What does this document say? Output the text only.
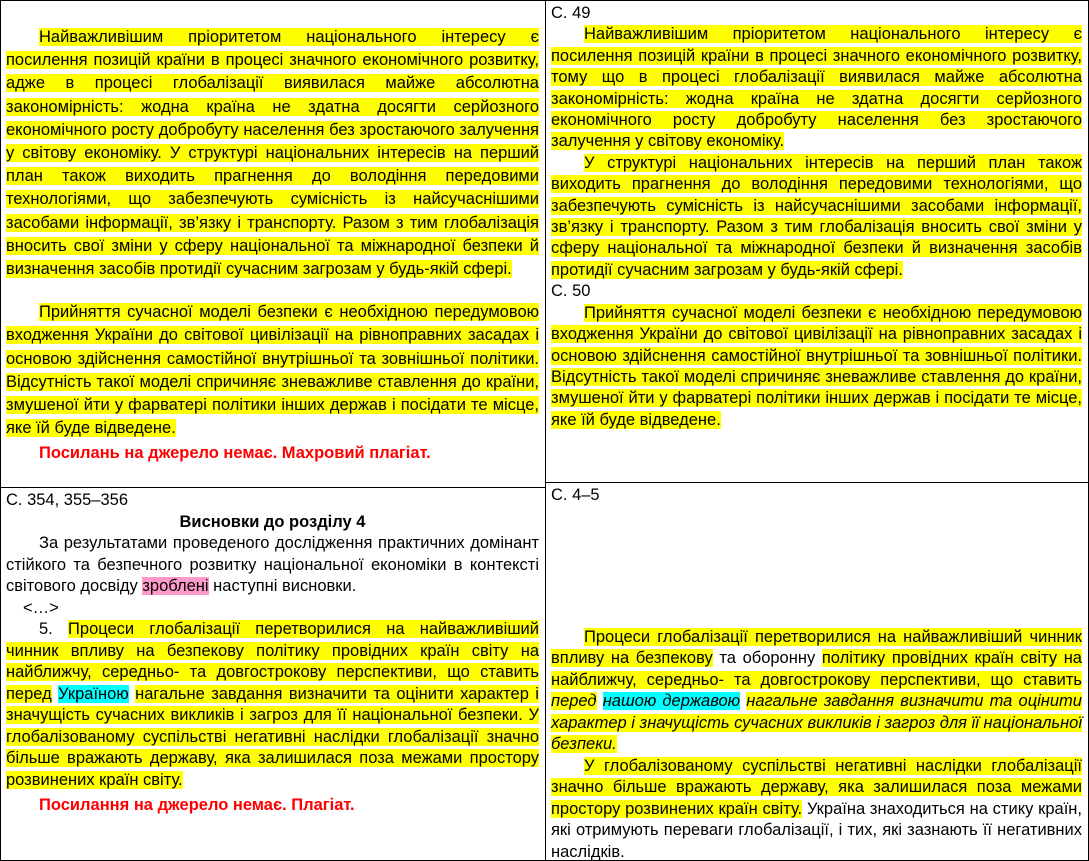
Найважливішим пріоритетом національного інтересу є посилення позицій країни в процесі значного економічного розвитку, адже в процесі глобалізації виявилася майже абсолютна закономірність: жодна країна не здатна досягти серйозного економічного росту добробуту населення без зростаючого залучення у світову економіку. У структурі національних інтересів на перший план також виходить прагнення до володіння передовими технологіями, що забезпечують сумісність із найсучаснішими засобами інформації, зв’язку і транспорту. Разом з тим глобалізація вносить свої зміни у сферу національної та міжнародної безпеки й визначення засобів протидії сучасним загрозам у будь-якій сфері.
Прийняття сучасної моделі безпеки є необхідною передумовою входження України до світової цивілізації на рівноправних засадах і основою здійснення самостійної внутрішньої та зовнішньої політики. Відсутність такої моделі спричиняє зневажливе ставлення до країни, змушеної йти у фарватері політики інших держав і посідати те місце, яке їй буде відведене.
Посилань на джерело немає. Махровий плагіат.
С. 354, 355–356
Висновки до розділу 4
За результатами проведеного дослідження практичних домінант стійкого та безпечного розвитку національної економіки в контексті світового досвіду зроблені наступні висновки.
<…>
5. Процеси глобалізації перетворилися на найважливіший чинник впливу на безпекову політику провідних країн світу на найближчу, середньо- та довгострокову перспективи, що ставить перед Україною нагальне завдання визначити та оцінити характер і значущість сучасних викликів і загроз для її національної безпеки. У глобалізованому суспільстві негативні наслідки глобалізації значно більше вражають державу, яка залишилася поза межами простору розвинених країн світу.
Посилання на джерело немає. Плагіат.
С. 49
Найважливішим пріоритетом національного інтересу є посилення позицій країни в процесі значного економічного розвитку, тому що в процесі глобалізації виявилася майже абсолютна закономірність: жодна країна не здатна досягти серйозного економічного росту добробуту населення без зростаючого залучення у світову економіку.
У структурі національних інтересів на перший план також виходить прагнення до володіння передовими технологіями, що забезпечують сумісність із найсучаснішими засобами інформації, зв’язку і транспорту. Разом з тим глобалізація вносить свої зміни у сферу національної та міжнародної безпеки й визначення засобів протидії сучасним загрозам у будь-якій сфері.
С. 50
Прийняття сучасної моделі безпеки є необхідною передумовою входження України до світової цивілізації на рівноправних засадах і основою здійснення самостійної внутрішньої та зовнішньої політики. Відсутність такої моделі спричиняє зневажливе ставлення до країни, змушеної йти у фарватері політики інших держав і посідати те місце, яке їй буде відведене.
С. 4–5
Процеси глобалізації перетворилися на найважливіший чинник впливу на безпекову та оборонну політику провідних країн світу на найближчу, середньо- та довгострокову перспективи, що ставить перед нашою державою нагальне завдання визначити та оцінити характер і значущість сучасних викликів і загроз для її національної безпеки.
У глобалізованому суспільстві негативні наслідки глобалізації значно більше вражають державу, яка залишилася поза межами простору розвинених країн світу. Україна знаходиться на стику країн, які отримують переваги глобалізації, і тих, які зазнають її негативних наслідків.
